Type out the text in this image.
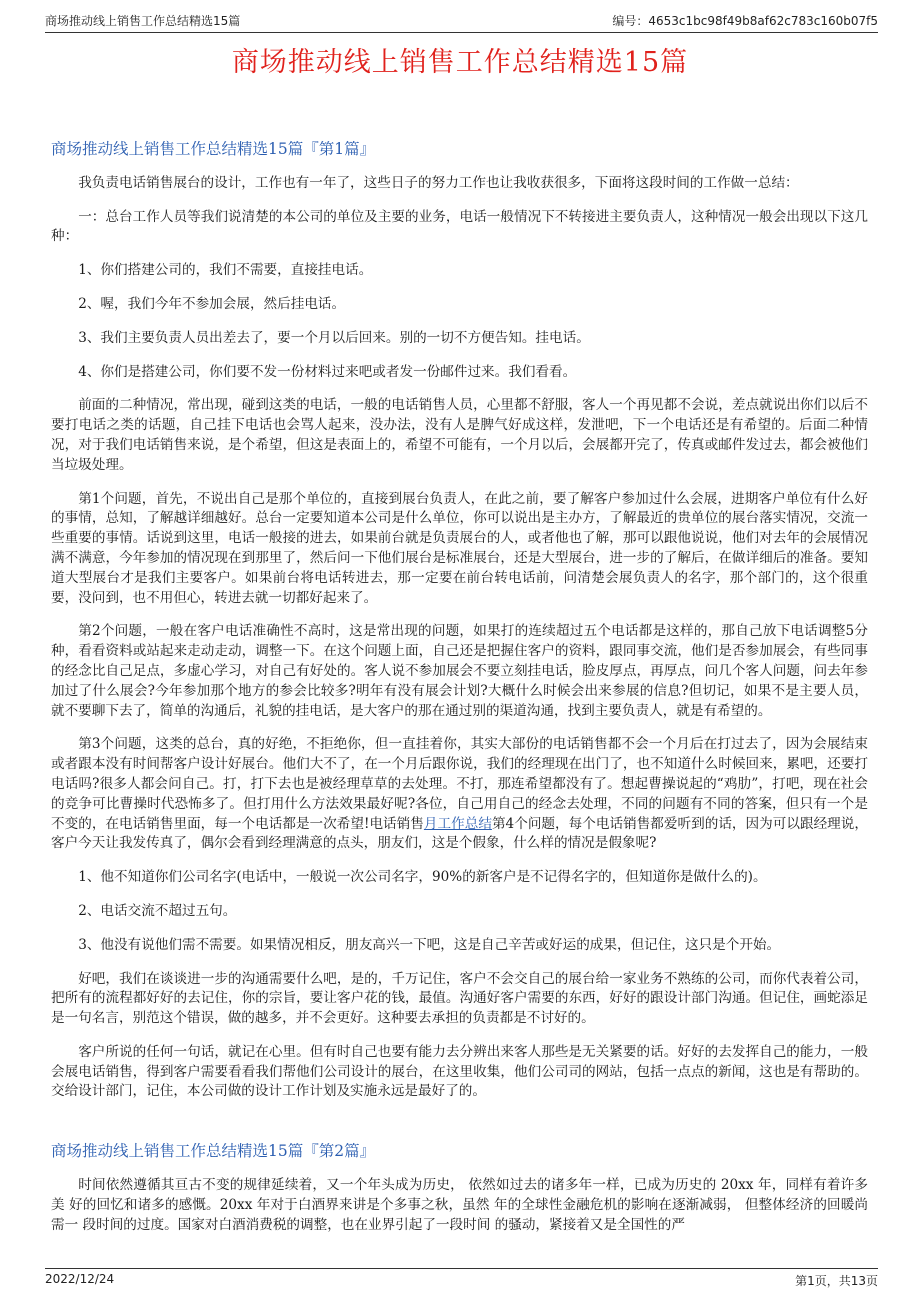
商场推动线上销售工作总结精选15篇	编号：4653c1bc98f49b8af62c783c160b07f5
商场推动线上销售工作总结精选15篇
商场推动线上销售工作总结精选15篇『第1篇』

我负责电话销售展台的设计，工作也有一年了，这些日子的努力工作也让我收获很多，下面将这段时间的工作做一总结：

一：总台工作人员等我们说清楚的本公司的单位及主要的业务，电话一般情况下不转接进主要负责人，这种情况一般会出现以下这几种：

1、你们搭建公司的，我们不需要，直接挂电话。

2、喔，我们今年不参加会展，然后挂电话。

3、我们主要负责人员出差去了，要一个月以后回来。别的一切不方便告知。挂电话。

4、你们是搭建公司，你们要不发一份材料过来吧或者发一份邮件过来。我们看看。

前面的二种情况，常出现，碰到这类的电话，一般的电话销售人员，心里都不舒服，客人一个再见都不会说，差点就说出你们以后不要打电话之类的话题，自己挂下电话也会骂人起来，没办法，没有人是脾气好成这样，发泄吧，下一个电话还是有希望的。后面二种情况，对于我们电话销售来说，是个希望，但这是表面上的，希望不可能有，一个月以后，会展都开完了，传真或邮件发过去，都会被他们当垃圾处理。

第1个问题，首先，不说出自己是那个单位的，直接到展台负责人，在此之前，要了解客户参加过什么会展，进期客户单位有什么好的事情，总知，了解越详细越好。总台一定要知道本公司是什么单位，你可以说出是主办方，了解最近的贵单位的展台落实情况，交流一些重要的事情。话说到这里，电话一般接的进去，如果前台就是负责展台的人，或者他也了解，那可以跟他说说，他们对去年的会展情况满不满意，今年参加的情况现在到那里了，然后问一下他们展台是标准展台，还是大型展台，进一步的了解后，在做详细后的准备。要知道大型展台才是我们主要客户。如果前台将电话转进去，那一定要在前台转电话前，问清楚会展负责人的名字，那个部门的，这个很重要，没问到，也不用但心，转进去就一切都好起来了。

第2个问题，一般在客户电话准确性不高时，这是常出现的问题，如果打的连续超过五个电话都是这样的，那自己放下电话调整5分种，看看资料或站起来走动走动，调整一下。在这个问题上面，自己还是把握住客户的资料，跟同事交流，他们是否参加展会，有些同事的经念比自己足点，多虚心学习，对自己有好处的。客人说不参加展会不要立刻挂电话，脸皮厚点，再厚点，问几个客人问题，问去年参加过了什么展会?今年参加那个地方的参会比较多?明年有没有展会计划?大概什么时候会出来参展的信息?但切记，如果不是主要人员，就不要聊下去了，简单的沟通后，礼貌的挂电话，是大客户的那在通过别的渠道沟通，找到主要负责人，就是有希望的。

第3个问题，这类的总台，真的好绝，不拒绝你，但一直挂着你，其实大部份的电话销售都不会一个月后在打过去了，因为会展结束或者跟本没有时间帮客户设计好展台。他们大不了，在一个月后跟你说，我们的经理现在出门了，也不知道什么时候回来，累吧，还要打电话吗?很多人都会问自己。打，打下去也是被经理草草的去处理。不打，那连希望都没有了。想起曹操说起的“鸡肋”，打吧，现在社会的竞争可比曹操时代恐怖多了。但打用什么方法效果最好呢?各位，自己用自己的经念去处理，不同的问题有不同的答案，但只有一个是不变的，在电话销售里面，每一个电话都是一次希望!电话销售月工作总结第4个问题，每个电话销售都爱听到的话，因为可以跟经理说，客户今天让我发传真了，偶尔会看到经理满意的点头，朋友们，这是个假象，什么样的情况是假象呢?

1、他不知道你们公司名字(电话中，一般说一次公司名字，90%的新客户是不记得名字的，但知道你是做什么的)。

2、电话交流不超过五句。

3、他没有说他们需不需要。如果情况相反，朋友高兴一下吧，这是自己辛苦或好运的成果，但记住，这只是个开始。

好吧，我们在谈谈进一步的沟通需要什么吧，是的，千万记住，客户不会交自己的展台给一家业务不熟练的公司，而你代表着公司，把所有的流程都好好的去记住，你的宗旨，要让客户花的钱，最值。沟通好客户需要的东西，好好的跟设计部门沟通。但记住，画蛇添足是一句名言，别范这个错误，做的越多，并不会更好。这种要去承担的负责都是不讨好的。

客户所说的任何一句话，就记在心里。但有时自己也要有能力去分辨出来客人那些是无关紧要的话。好好的去发挥自己的能力，一般会展电话销售，得到客户需要看看我们帮他们公司设计的展台，在这里收集，他们公司司的网站，包括一点点的新闻，这也是有帮助的。交给设计部门，记住，本公司做的设计工作计划及实施永远是最好了的。

商场推动线上销售工作总结精选15篇『第2篇』

时间依然遵循其亘古不变的规律延续着，又一个年头成为历史， 依然如过去的诸多年一样，已成为历史的 20xx 年，同样有着许多美 好的回忆和诸多的感慨。20xx 年对于白酒界来讲是个多事之秋，虽然 年的全球性金融危机的影响在逐渐减弱， 但整体经济的回暖尚需一 段时间的过度。国家对白酒消费税的调整，也在业界引起了一段时间 的骚动，紧接着又是全国性的严

2022/12/24	第1页，共13页
